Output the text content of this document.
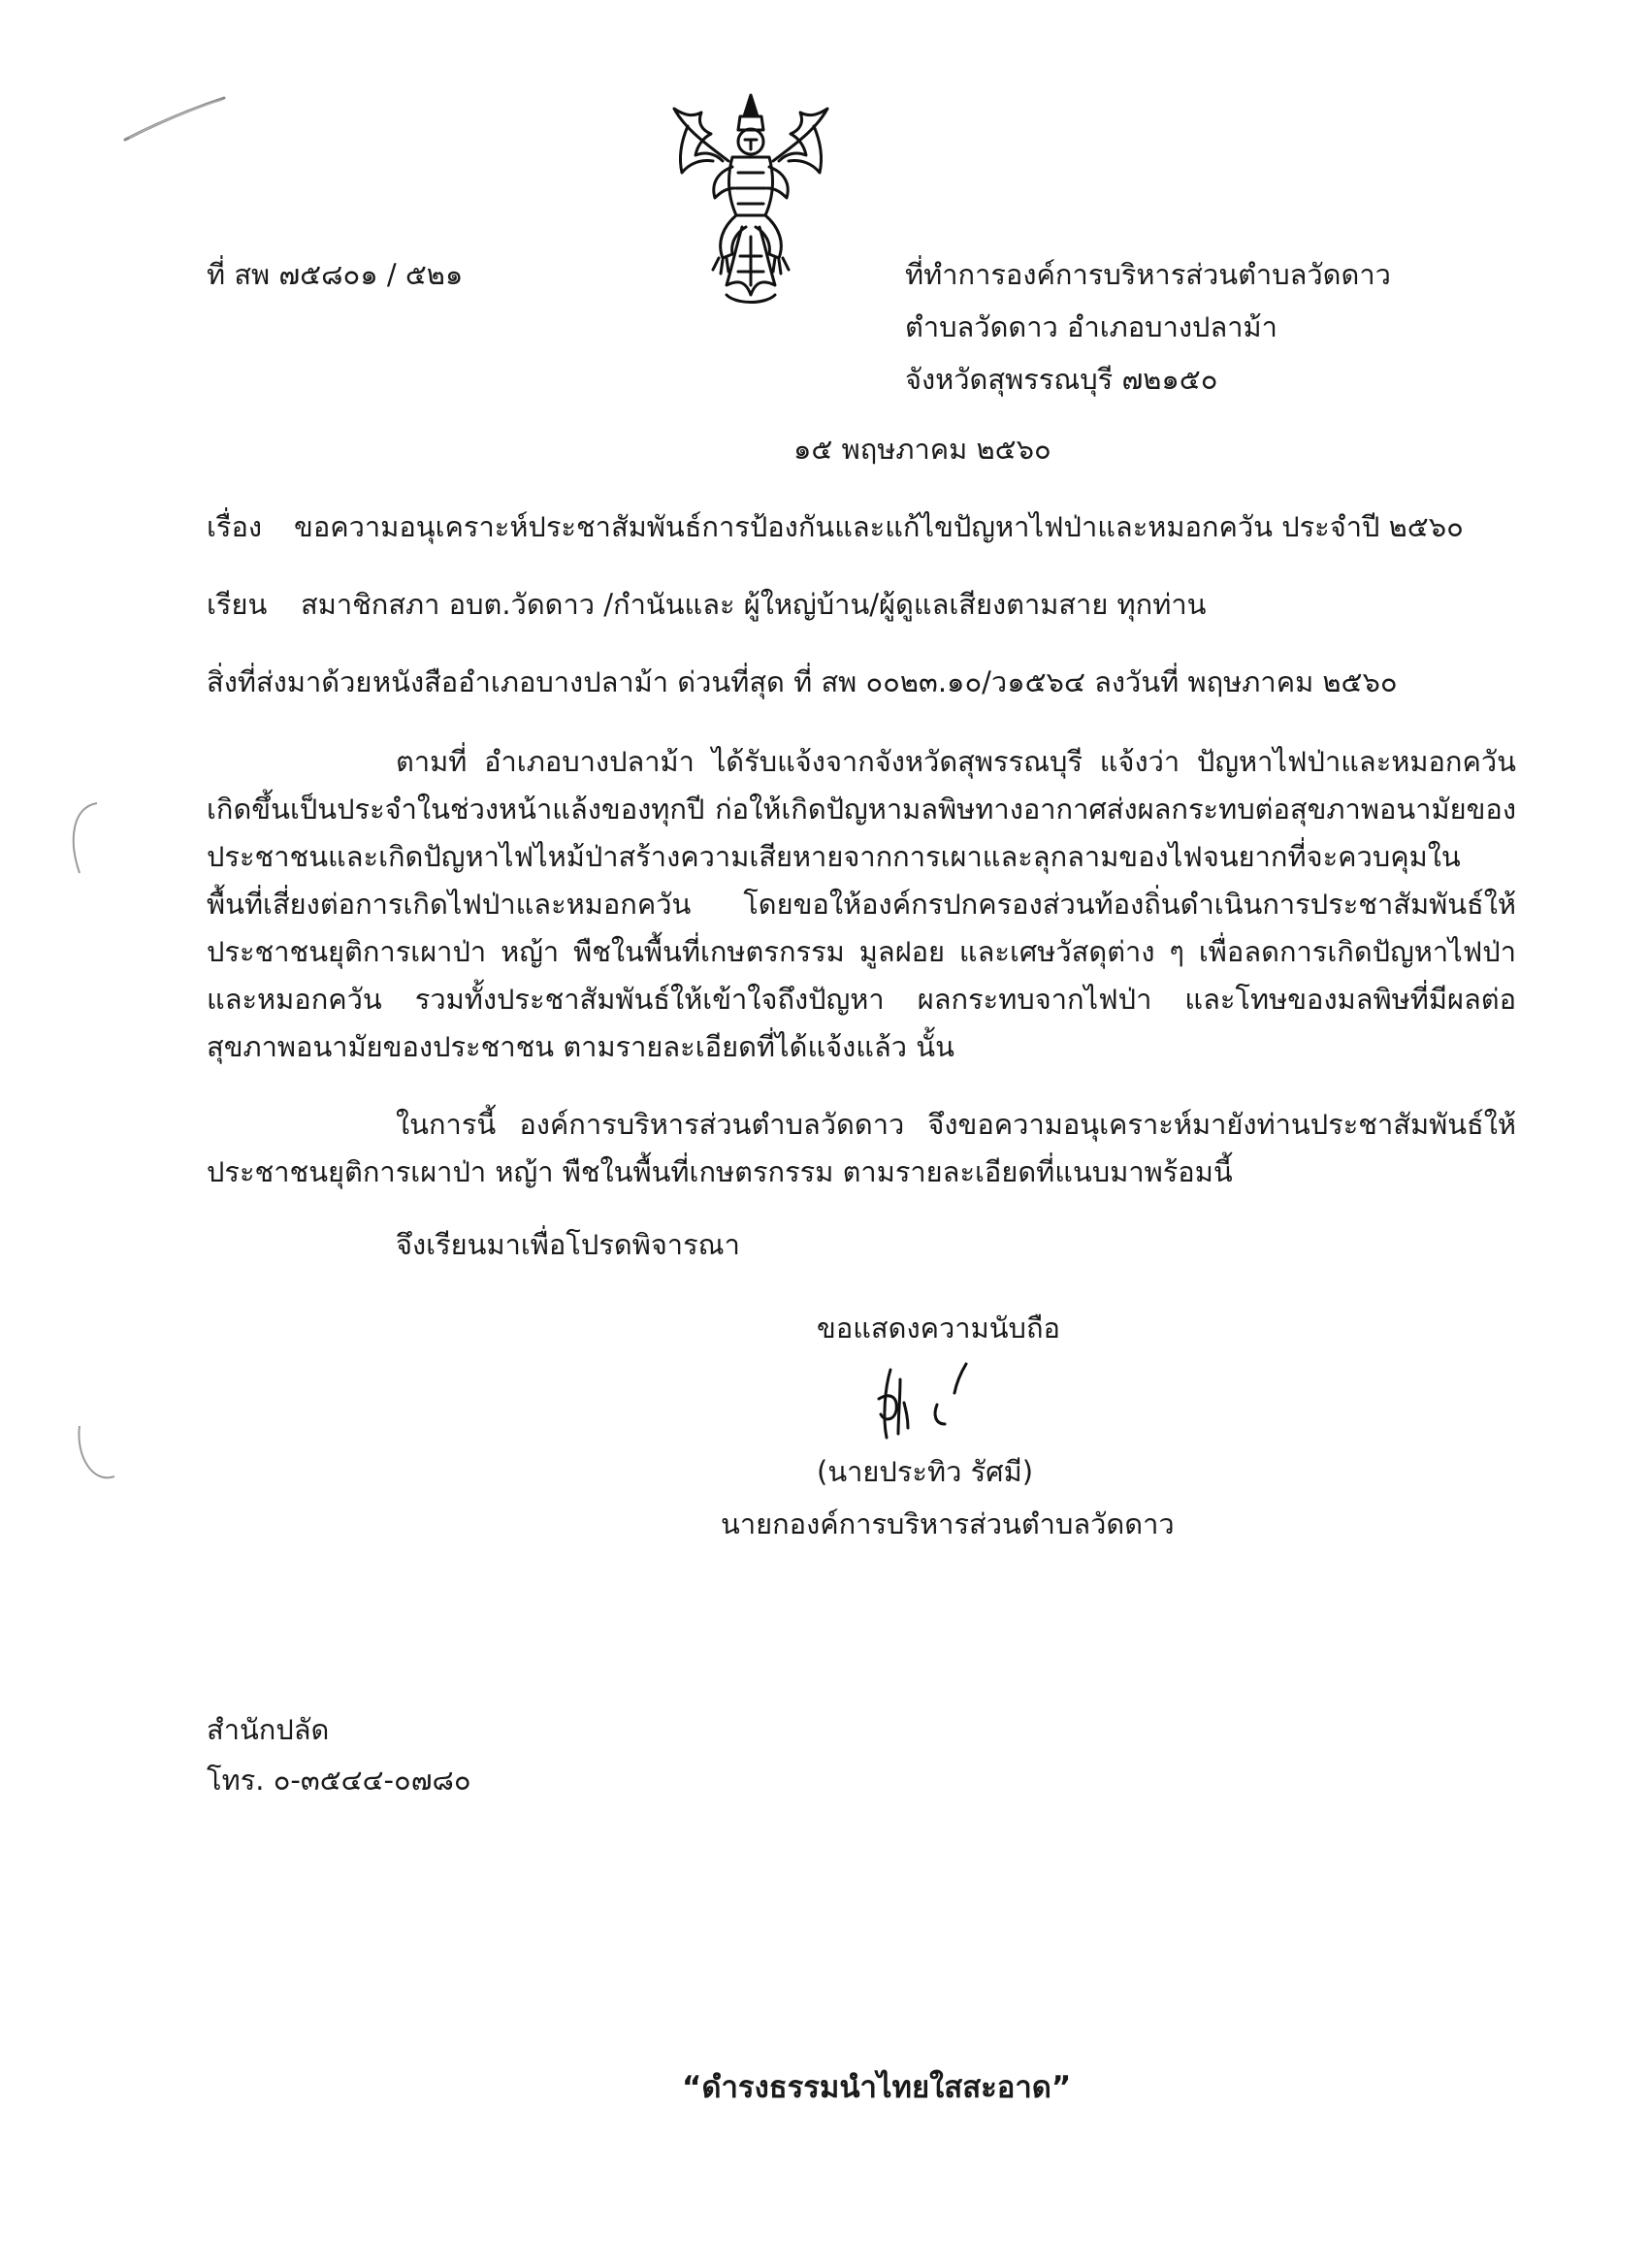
ที่ สพ ๗๕๘๐๑ / ๕๒๑	ที่ทำการองค์การบริหารส่วนตำบลวัดดาว
ตำบลวัดดาว อำเภอบางปลาม้า
จังหวัดสุพรรณบุรี ๗๒๑๕๐
๑๕ พฤษภาคม ๒๕๖๐
เรื่อง ขอความอนุเคราะห์ประชาสัมพันธ์การป้องกันและแก้ไขปัญหาไฟป่าและหมอกควัน ประจำปี ๒๕๖๐
เรียน สมาชิกสภา อบต.วัดดาว /กำนันและ ผู้ใหญ่บ้าน/ผู้ดูแลเสียงตามสาย ทุกท่าน
สิ่งที่ส่งมาด้วย หนังสืออำเภอบางปลาม้า ด่วนที่สุด ที่ สพ ๐๐๒๓.๑๐/ว๑๕๖๔ ลงวันที่ พฤษภาคม ๒๕๖๐
ตามที่ อำเภอบางปลาม้า ได้รับแจ้งจากจังหวัดสุพรรณบุรี แจ้งว่า ปัญหาไฟป่าและหมอกควันเกิดขึ้นเป็นประจำในช่วงหน้าแล้งของทุกปี ก่อให้เกิดปัญหามลพิษทางอากาศส่งผลกระทบต่อสุขภาพอนามัยของประชาชนและเกิดปัญหาไฟไหม้ป่าสร้างความเสียหายจากการเผาและลุกลามของไฟจนยากที่จะควบคุมในพื้นที่เสี่ยงต่อการเกิดไฟป่าและหมอกควัน โดยขอให้องค์กรปกครองส่วนท้องถิ่นดำเนินการประชาสัมพันธ์ให้ประชาชนยุติการเผาป่า หญ้า พืชในพื้นที่เกษตรกรรม มูลฝอย และเศษวัสดุต่าง ๆ เพื่อลดการเกิดปัญหาไฟป่าและหมอกควัน รวมทั้งประชาสัมพันธ์ให้เข้าใจถึงปัญหา ผลกระทบจากไฟป่า และโทษของมลพิษที่มีผลต่อสุขภาพอนามัยของประชาชน ตามรายละเอียดที่ได้แจ้งแล้ว นั้น
ในการนี้ องค์การบริหารส่วนตำบลวัดดาว จึงขอความอนุเคราะห์มายังท่านประชาสัมพันธ์ให้ประชาชนยุติการเผาป่า หญ้า พืชในพื้นที่เกษตรกรรม ตามรายละเอียดที่แนบมาพร้อมนี้
จึงเรียนมาเพื่อโปรดพิจารณา
ขอแสดงความนับถือ
(นายประทิว รัศมี)
นายกองค์การบริหารส่วนตำบลวัดดาว
สำนักปลัด
โทร. ๐-๓๕๔๔-๐๗๘๐
“ดำรงธรรมนำไทยใสสะอาด”
